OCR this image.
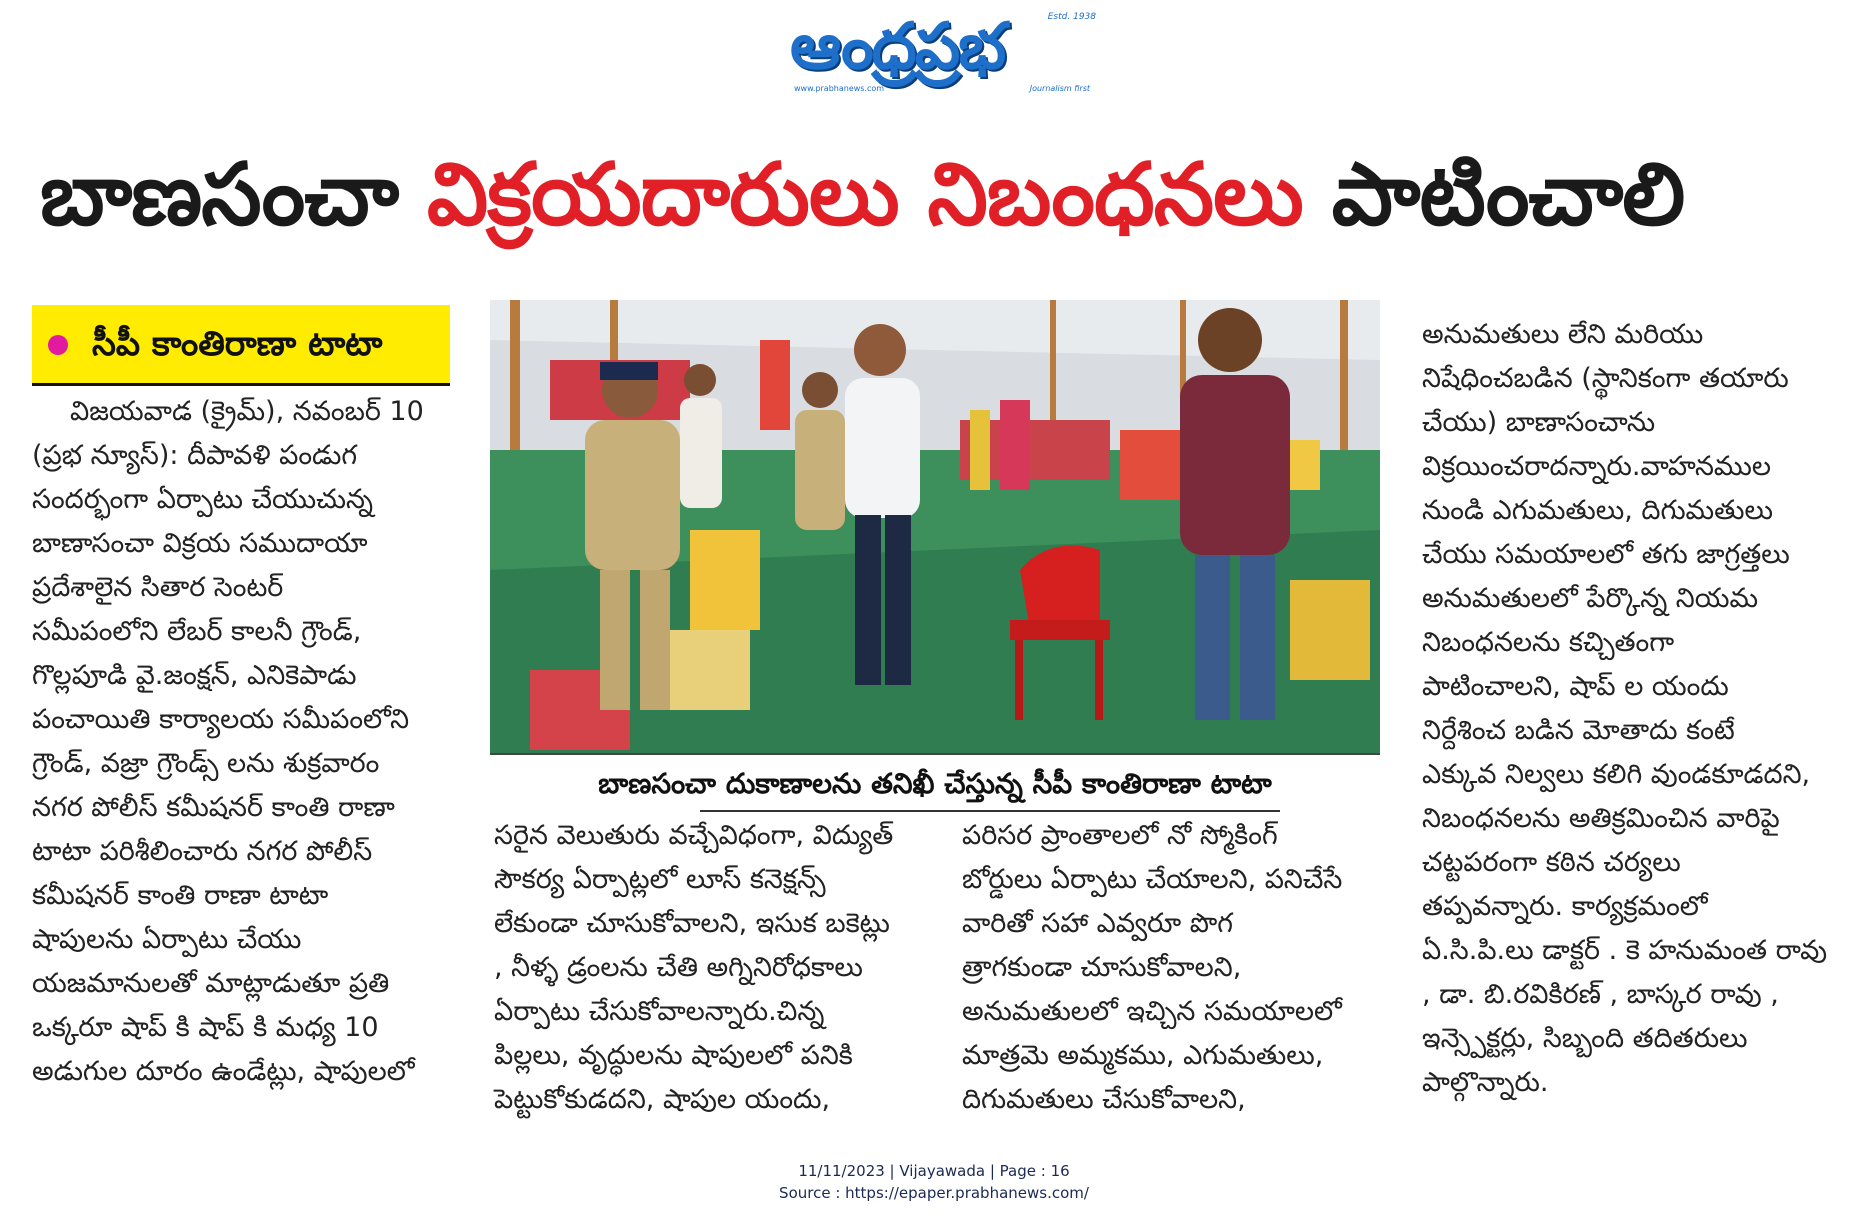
ఆంధ్రప్రభ	Estd. 1938
www.prabhanews.com	Journalism first
బాణసంచా విక్రయదారులు నిబంధనలు పాటించాలి
సీపీ కాంతిరాణా టాటా
విజయవాడ (క్రైమ్), నవంబర్ 10
(ప్రభ న్యూస్): దీపావళి పండుగ
సందర్భంగా ఏర్పాటు చేయుచున్న
బాణాసంచా విక్రయ సముదాయా
ప్రదేశాలైన సితార సెంటర్
సమీపంలోని లేబర్ కాలనీ గ్రౌండ్,
గొల్లపూడి వై.జంక్షన్, ఎనికెపాడు
పంచాయితి కార్యాలయ సమీపంలోని
గ్రౌండ్, వజ్రా గ్రౌండ్స్ లను శుక్రవారం
నగర పోలీస్ కమీషనర్ కాంతి రాణా
టాటా పరిశీలించారు నగర పోలీస్
కమీషనర్ కాంతి రాణా టాటా
షాపులను ఏర్పాటు చేయు
యజమానులతో మాట్లాడుతూ ప్రతి
ఒక్కరూ షాప్ కి షాప్ కి మధ్య 10
అడుగుల దూరం ఉండేట్లు, షాపులలో
బాణసంచా దుకాణాలను తనిఖీ చేస్తున్న సీపీ కాంతిరాణా టాటా
సరైన వెలుతురు వచ్చేవిధంగా, విద్యుత్
సౌకర్య ఏర్పాట్లలో లూస్ కనెక్షన్స్
లేకుండా చూసుకోవాలని, ఇసుక బకెట్లు
, నీళ్ళ డ్రంలను చేతి అగ్నినిరోధకాలు
ఏర్పాటు చేసుకోవాలన్నారు.చిన్న
పిల్లలు, వృద్ధులను షాపులలో పనికి
పెట్టుకోకుడదని, షాపుల యందు,
పరిసర ప్రాంతాలలో నో స్మోకింగ్
బోర్డులు ఏర్పాటు చేయాలని, పనిచేసే
వారితో సహా ఎవ్వరూ పొగ
త్రాగకుండా చూసుకోవాలని,
అనుమతులలో ఇచ్చిన సమయాలలో
మాత్రమె అమ్మకము, ఎగుమతులు,
దిగుమతులు చేసుకోవాలని,
అనుమతులు లేని మరియు
నిషేధించబడిన (స్థానికంగా తయారు
చేయు) బాణాసంచాను
విక్రయించరాదన్నారు.వాహనముల
నుండి ఎగుమతులు, దిగుమతులు
చేయు సమయాలలో తగు జాగ్రత్తలు
అనుమతులలో పేర్కొన్న నియమ
నిబంధనలను కచ్చితంగా
పాటించాలని, షాప్ ల యందు
నిర్దేశించ బడిన మోతాదు కంటే
ఎక్కువ నిల్వలు కలిగి వుండకూడదని,
నిబంధనలను అతిక్రమించిన వారిపై
చట్టపరంగా కఠిన చర్యలు
తప్పవన్నారు. కార్యక్రమంలో
ఏ.సి.పి.లు డాక్టర్ . కె హనుమంత రావు
, డా. బి.రవికిరణ్ , బాస్కర రావు ,
ఇన్స్పెక్టర్లు, సిబ్బంది తదితరులు
పాల్గొన్నారు.
11/11/2023 | Vijayawada | Page : 16
Source : https://epaper.prabhanews.com/
